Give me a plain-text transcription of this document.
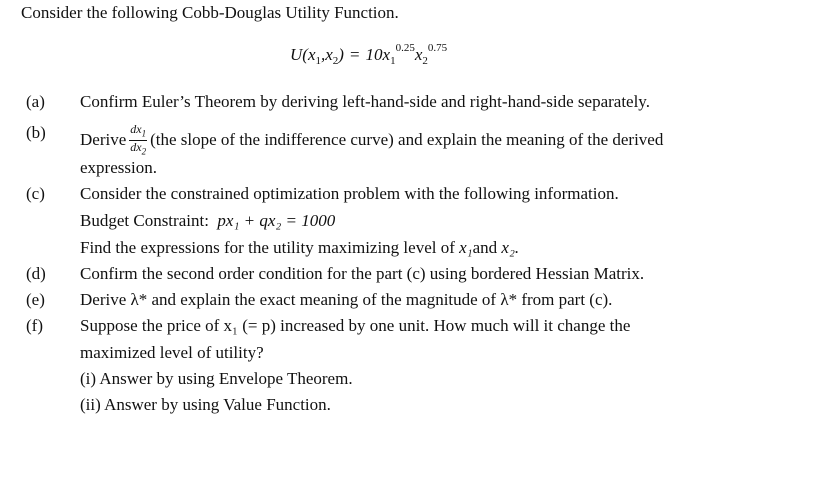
Consider the following Cobb-Douglas Utility Function.
$U(x_1,x_2) = 10x_1^{0.25}x_2^{0.75}$
(a) Confirm Euler’s Theorem by deriving left-hand-side and right-hand-side separately.
(b) Derive $\frac{dx_1}{dx_2} (the$ slope of the indifference curve) and explain the meaning of the derived
expression.
(c) Consider the constrained optimization problem with the following information.
Budget Constraint: px₁ + qx₂ = 1000
Find the expressions for the utility maximizing level of x₁and x₂.
(d) Confirm the second order condition for the part (c) using bordered Hessian Matrix.
(e) Derive λ* and explain the exact meaning of the magnitude of λ* from part (c).
(f) Suppose the price of x₁ (= p) increased by one unit. How much will it change the
maximized level of utility?
(i) Answer by using Envelope Theorem.
(ii) Answer by using Value Function.
